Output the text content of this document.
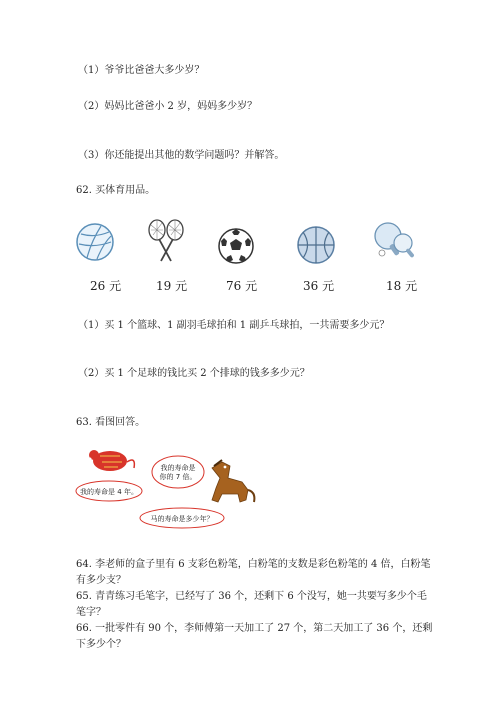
（1）爷爷比爸爸大多少岁？
（2）妈妈比爸爸小 2 岁，妈妈多少岁？
（3）你还能提出其他的数学问题吗？并解答。
62. 买体育用品。
26 元	19 元	76 元	36 元	18 元
（1）买 1 个篮球、1 副羽毛球拍和 1 副乒乓球拍，一共需要多少元？
（2）买 1 个足球的钱比买 2 个排球的钱多多少元？
63. 看图回答。
我的寿命是 4 年。
我的寿命是
你的 7 倍。
马的寿命是多少年？
64. 李老师的盒子里有 6 支彩色粉笔，白粉笔的支数是彩色粉笔的 4 倍，白粉笔有多少支？
65. 青青练习毛笔字，已经写了 36 个，还剩下 6 个没写，她一共要写多少个毛笔字？
66. 一批零件有 90 个，李师傅第一天加工了 27 个，第二天加工了 36 个，还剩下多少个？
